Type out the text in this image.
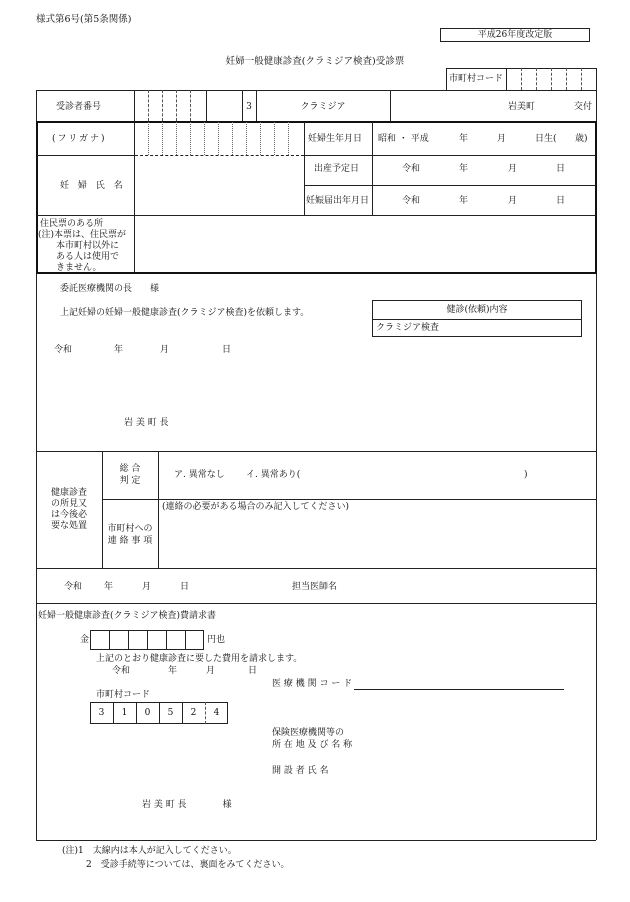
様式第6号(第5条関係)
平成26年度改定版
妊婦一般健康診査(クラミジア検査)受診票
市町村コード
受診者番号	3	クラミジア	岩美町	交付
(フリガナ)
妊 婦 氏 名
妊婦生年月日 昭和 ・ 平成	年	月	日生( 歳)
出産予定日	令和	年	月	日
妊娠届出年月日	令和	年	月	日
住民票のある所
(注)本票は、住民票が
本市町村以外に
ある人は使用で
きません。
委託医療機関の長　　様
上記妊婦の妊婦一般健康診査(クラミジア検査)を依頼します。	健診(依頼)内容
クラミジア検査
令和	年	月	日
岩 美 町 長
健康診査
の所見又
は今後必
要な処置
総 合
判 定
ア. 異常なし イ. 異常あり(	)
市町村への
連 絡 事 項
(連絡の必要がある場合のみ記入してください)
令和 年	月	日	担当医師名
妊婦一般健康診査(クラミジア検査)費請求書
金	円也
上記のとおり健康診査に要した費用を請求します。
令和	年	月	日
医 療 機 関 コ ー ド
市町村コード
3	1	0	5	2	4
保険医療機関等の
所 在 地 及 び 名 称
開 設 者 氏 名
岩 美 町 長　　　　様
(注)1　太線内は本人が記入してください。
2　受診手続等については、裏面をみてください。
